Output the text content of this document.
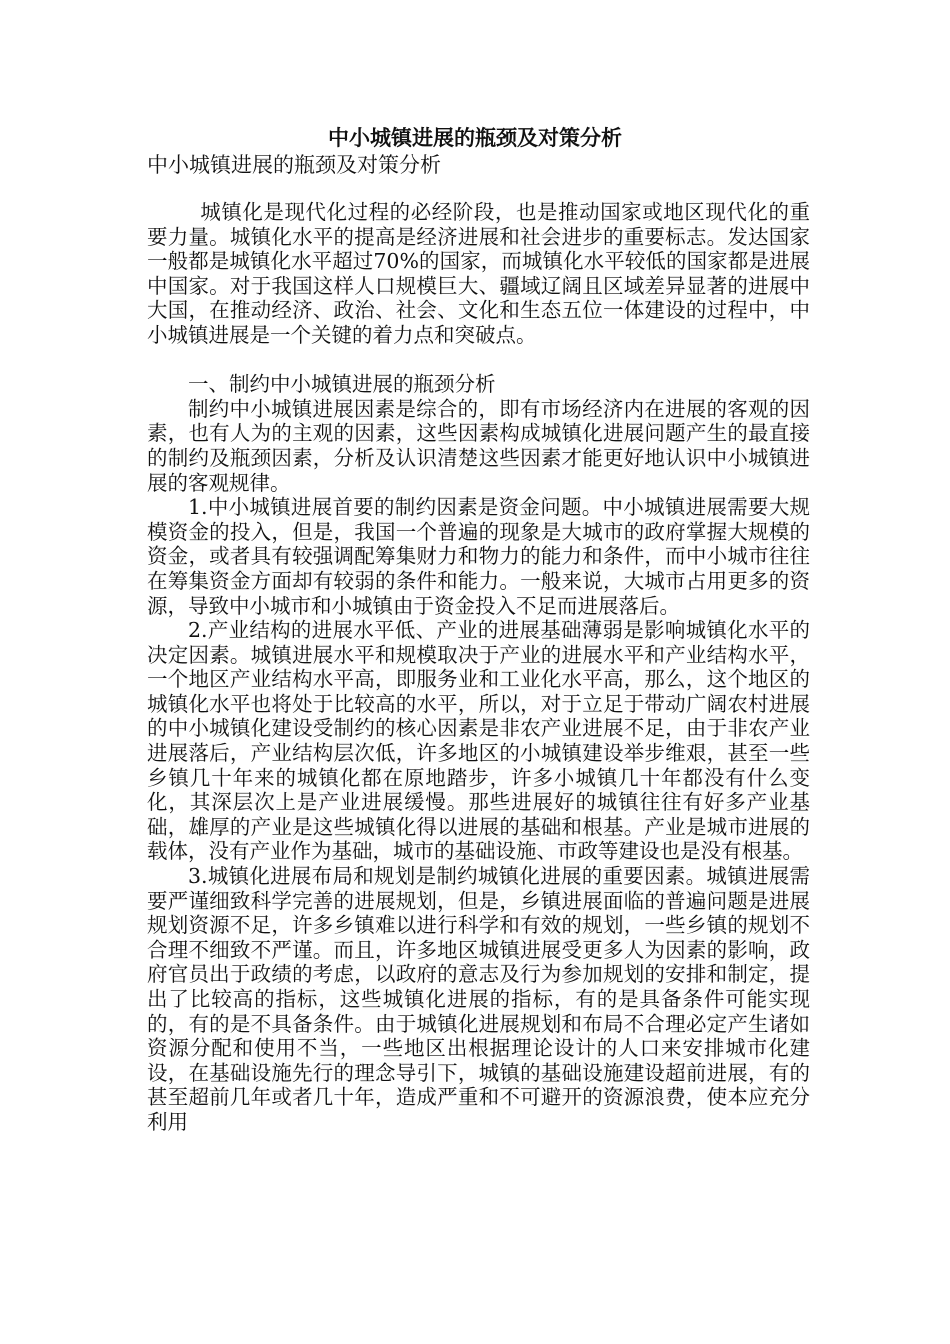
中小城镇进展的瓶颈及对策分析
中小城镇进展的瓶颈及对策分析

城镇化是现代化过程的必经阶段，也是推动国家或地区现代化的重要力量。城镇化水平的提高是经济进展和社会进步的重要标志。发达国家一般都是城镇化水平超过70%的国家，而城镇化水平较低的国家都是进展中国家。对于我国这样人口规模巨大、疆域辽阔且区域差异显著的进展中大国，在推动经济、政治、社会、文化和生态五位一体建设的过程中，中小城镇进展是一个关键的着力点和突破点。

一、制约中小城镇进展的瓶颈分析

制约中小城镇进展因素是综合的，即有市场经济内在进展的客观的因素，也有人为的主观的因素，这些因素构成城镇化进展问题产生的最直接的制约及瓶颈因素，分析及认识清楚这些因素才能更好地认识中小城镇进展的客观规律。

1.中小城镇进展首要的制约因素是资金问题。中小城镇进展需要大规模资金的投入，但是，我国一个普遍的现象是大城市的政府掌握大规模的资金，或者具有较强调配筹集财力和物力的能力和条件，而中小城市往往在筹集资金方面却有较弱的条件和能力。一般来说，大城市占用更多的资源，导致中小城市和小城镇由于资金投入不足而进展落后。

2.产业结构的进展水平低、产业的进展基础薄弱是影响城镇化水平的决定因素。城镇进展水平和规模取决于产业的进展水平和产业结构水平，一个地区产业结构水平高，即服务业和工业化水平高，那么，这个地区的城镇化水平也将处于比较高的水平，所以，对于立足于带动广阔农村进展的中小城镇化建设受制约的核心因素是非农产业进展不足，由于非农产业进展落后，产业结构层次低，许多地区的小城镇建设举步维艰，甚至一些乡镇几十年来的城镇化都在原地踏步，许多小城镇几十年都没有什么变化，其深层次上是产业进展缓慢。那些进展好的城镇往往有好多产业基础，雄厚的产业是这些城镇化得以进展的基础和根基。产业是城市进展的载体，没有产业作为基础，城市的基础设施、市政等建设也是没有根基。

3.城镇化进展布局和规划是制约城镇化进展的重要因素。城镇进展需要严谨细致科学完善的进展规划，但是，乡镇进展面临的普遍问题是进展规划资源不足，许多乡镇难以进行科学和有效的规划，一些乡镇的规划不合理不细致不严谨。而且，许多地区城镇进展受更多人为因素的影响，政府官员出于政绩的考虑，以政府的意志及行为参加规划的安排和制定，提出了比较高的指标，这些城镇化进展的指标，有的是具备条件可能实现的，有的是不具备条件。由于城镇化进展规划和布局不合理必定产生诸如资源分配和使用不当，一些地区出根据理论设计的人口来安排城市化建设，在基础设施先行的理念导引下，城镇的基础设施建设超前进展，有的甚至超前几年或者几十年，造成严重和不可避开的资源浪费，使本应充分利用
